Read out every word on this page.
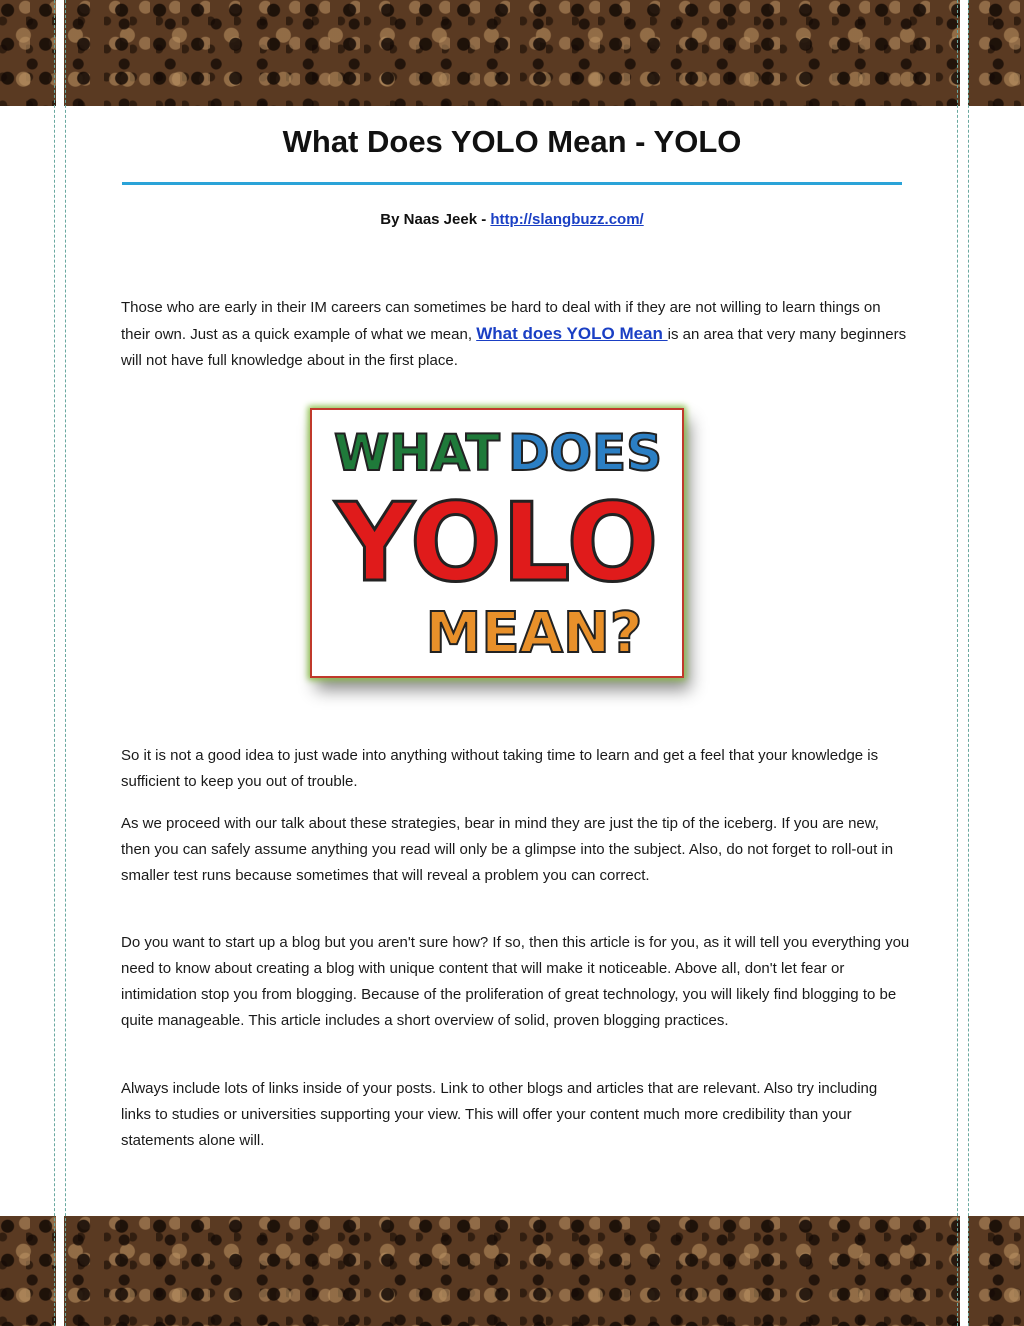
What Does YOLO Mean - YOLO
By Naas Jeek - http://slangbuzz.com/

Those who are early in their IM careers can sometimes be hard to deal with if they are not willing to learn things on their own. Just as a quick example of what we mean, What does YOLO Mean is an area that very many beginners will not have full knowledge about in the first place.

WHAT DOES
YOLO
MEAN?

So it is not a good idea to just wade into anything without taking time to learn and get a feel that your knowledge is sufficient to keep you out of trouble.

As we proceed with our talk about these strategies, bear in mind they are just the tip of the iceberg. If you are new, then you can safely assume anything you read will only be a glimpse into the subject. Also, do not forget to roll-out in smaller test runs because sometimes that will reveal a problem you can correct.

Do you want to start up a blog but you aren't sure how? If so, then this article is for you, as it will tell you everything you need to know about creating a blog with unique content that will make it noticeable. Above all, don't let fear or intimidation stop you from blogging. Because of the proliferation of great technology, you will likely find blogging to be quite manageable. This article includes a short overview of solid, proven blogging practices.

Always include lots of links inside of your posts. Link to other blogs and articles that are relevant. Also try including links to studies or universities supporting your view. This will offer your content much more credibility than your statements alone will.
